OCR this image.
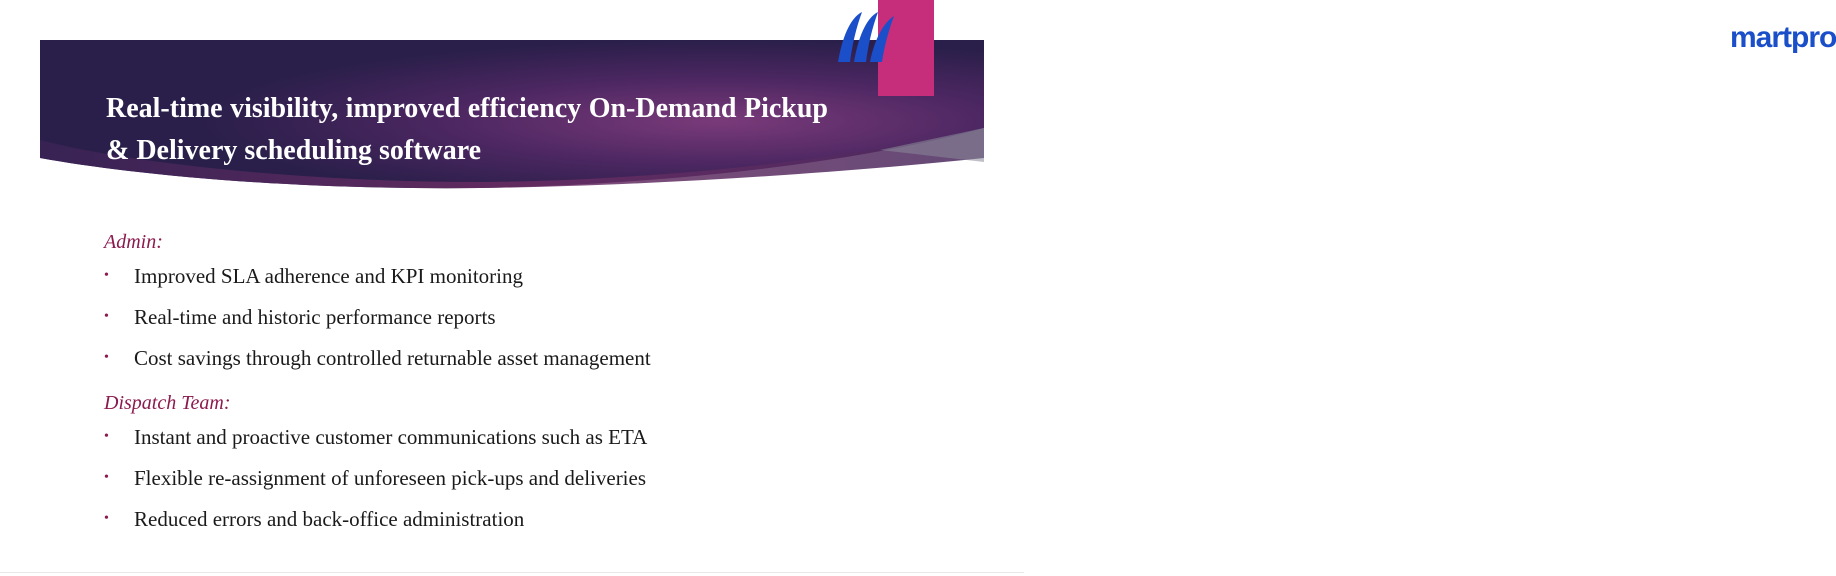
Real-time visibility, improved efficiency On-Demand Pickup & Delivery scheduling software
martpro

Admin:

• Improved SLA adherence and KPI monitoring
• Real-time and historic performance reports
• Cost savings through controlled returnable asset management

Dispatch Team:

• Instant and proactive customer communications such as ETA
• Flexible re-assignment of unforeseen pick-ups and deliveries
• Reduced errors and back-office administration
